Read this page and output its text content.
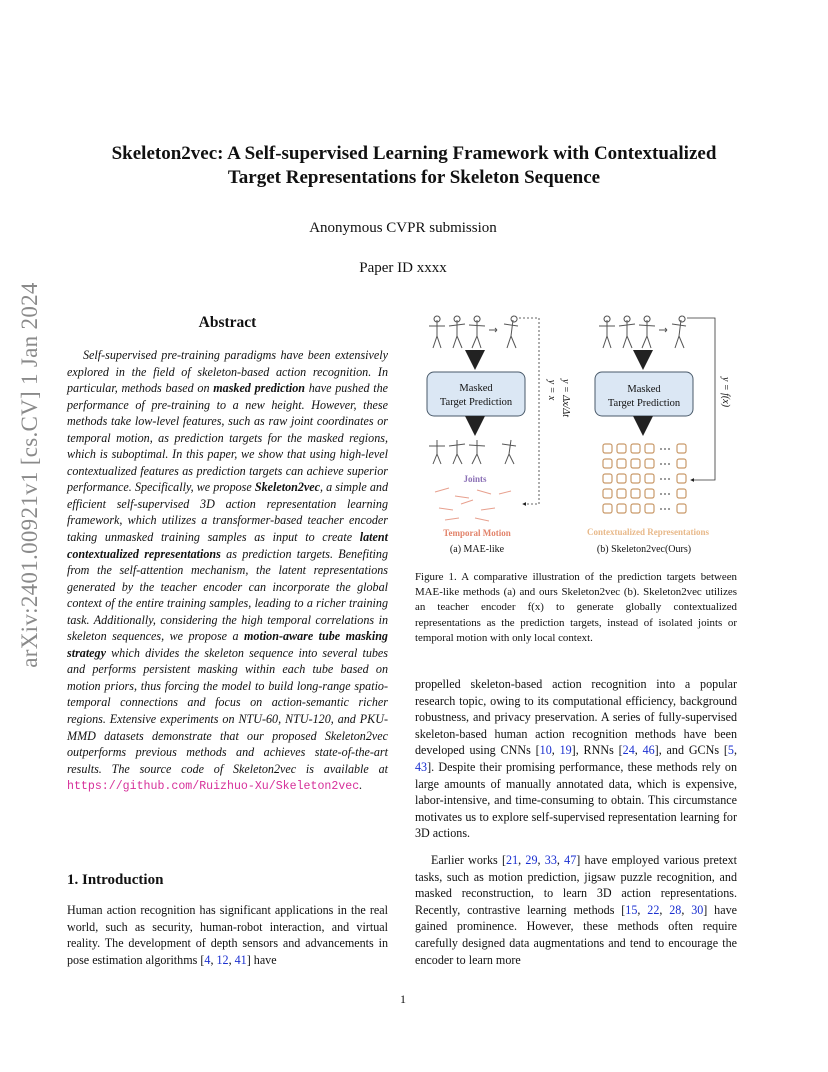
arXiv:2401.00921v1 [cs.CV] 1 Jan 2024
Skeleton2vec: A Self-supervised Learning Framework with Contextualized
Target Representations for Skeleton Sequence
Anonymous CVPR submission
Paper ID xxxx
Abstract

Self-supervised pre-training paradigms have been extensively explored in the field of skeleton-based action recognition. In particular, methods based on masked prediction have pushed the performance of pre-training to a new height. However, these methods take low-level features, such as raw joint coordinates or temporal motion, as prediction targets for the masked regions, which is suboptimal. In this paper, we show that using high-level contextualized features as prediction targets can achieve superior performance. Specifically, we propose Skeleton2vec, a simple and efficient self-supervised 3D action representation learning framework, which utilizes a transformer-based teacher encoder taking unmasked training samples as input to create latent contextualized representations as prediction targets. Benefiting from the self-attention mechanism, the latent representations generated by the teacher encoder can incorporate the global context of the entire training samples, leading to a richer training task. Additionally, considering the high temporal correlations in skeleton sequences, we propose a motion-aware tube masking strategy which divides the skeleton sequence into several tubes and performs persistent masking within each tube based on motion priors, thus forcing the model to build long-range spatio-temporal connections and focus on action-semantic richer regions. Extensive experiments on NTU-60, NTU-120, and PKU-MMD datasets demonstrate that our proposed Skeleton2vec outperforms previous methods and achieves state-of-the-art results. The source code of Skeleton2vec is available at https://github.com/Ruizhuo-Xu/Skeleton2vec.

1. Introduction

Human action recognition has significant applications in the real world, such as security, human-robot interaction, and virtual reality. The development of depth sensors and advancements in pose estimation algorithms [4, 12, 41] have

Masked
Target Prediction
Joints
Temporal Motion
(a) MAE-like
y = x y = Δx/Δt	Masked
Target Prediction
Contextualized Representations
(b) Skeleton2vec(Ours)
y = f(x)

Figure 1. A comparative illustration of the prediction targets between MAE-like methods (a) and ours Skeleton2vec (b). Skeleton2vec utilizes an teacher encoder f(x) to generate globally contextualized representations as the prediction targets, instead of isolated joints or temporal motion with only local context.

propelled skeleton-based action recognition into a popular research topic, owing to its computational efficiency, background robustness, and privacy preservation. A series of fully-supervised skeleton-based human action recognition methods have been developed using CNNs [10, 19], RNNs [24, 46], and GCNs [5, 43]. Despite their promising performance, these methods rely on large amounts of manually annotated data, which is expensive, labor-intensive, and time-consuming to obtain. This circumstance motivates us to explore self-supervised representation learning for 3D actions.

Earlier works [21, 29, 33, 47] have employed various pretext tasks, such as motion prediction, jigsaw puzzle recognition, and masked reconstruction, to learn 3D action representations. Recently, contrastive learning methods [15, 22, 28, 30] have gained prominence. However, these methods often require carefully designed data augmentations and tend to encourage the encoder to learn more

1
